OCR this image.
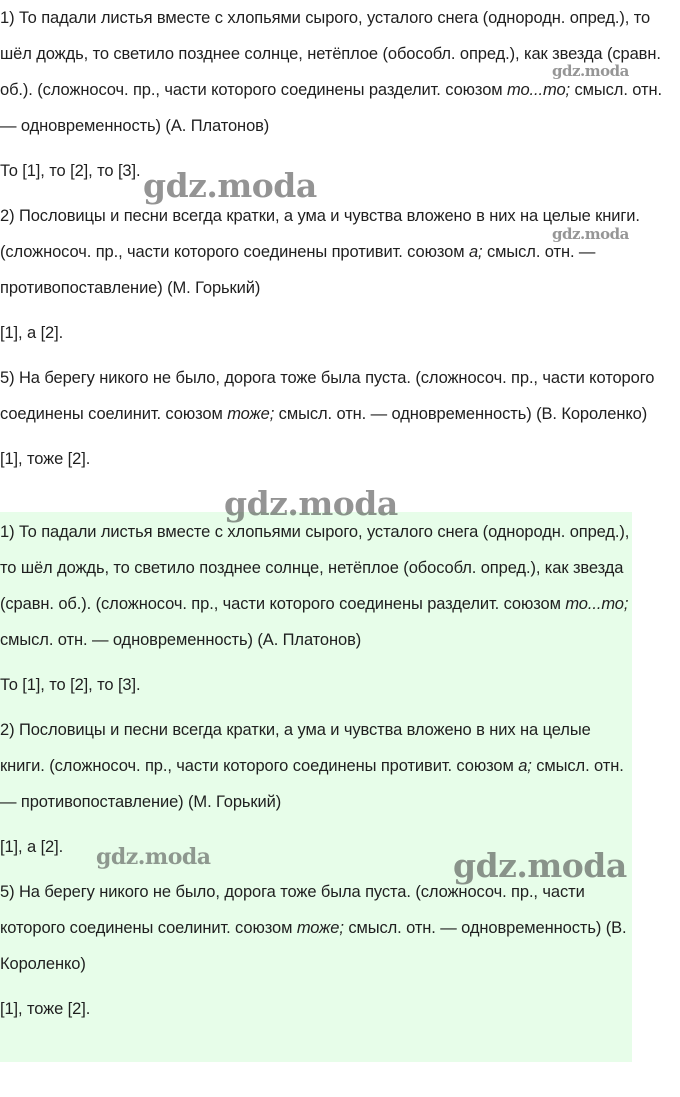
1) То падали листья вместе с хлопьями сырого, усталого снега (однородн. опред.), то шёл дождь, то светило позднее солнце, нетёплое (обособл. опред.), как звезда (сравн. об.). (сложносоч. пр., части которого соединены разделит. союзом то...то; смысл. отн. — одновременность) (А. Платонов)

То [1], то [2], то [3].

2) Пословицы и песни всегда кратки, а ума и чувства вложено в них на целые книги. (сложносоч. пр., части которого соединены противит. союзом а; смысл. отн. — противопоставление) (М. Горький)

[1], а [2].

5) На берегу никого не было, дорога тоже была пуста. (сложносоч. пр., части которого соединены соелинит. союзом тоже; смысл. отн. — одновременность) (В. Короленко)

[1], тоже [2].

1) То падали листья вместе с хлопьями сырого, усталого снега (однородн. опред.), то шёл дождь, то светило позднее солнце, нетёплое (обособл. опред.), как звезда (сравн. об.). (сложносоч. пр., части которого соединены разделит. союзом то...то; смысл. отн. — одновременность) (А. Платонов)

То [1], то [2], то [3].

2) Пословицы и песни всегда кратки, а ума и чувства вложено в них на целые книги. (сложносоч. пр., части которого соединены противит. союзом а; смысл. отн. — противопоставление) (М. Горький)

[1], а [2].

5) На берегу никого не было, дорога тоже была пуста. (сложносоч. пр., части которого соединены соелинит. союзом тоже; смысл. отн. — одновременность) (В. Короленко)

[1], тоже [2].

gdz.moda
gdz.moda
gdz.moda
gdz.moda
gdz.moda	gdz.moda
